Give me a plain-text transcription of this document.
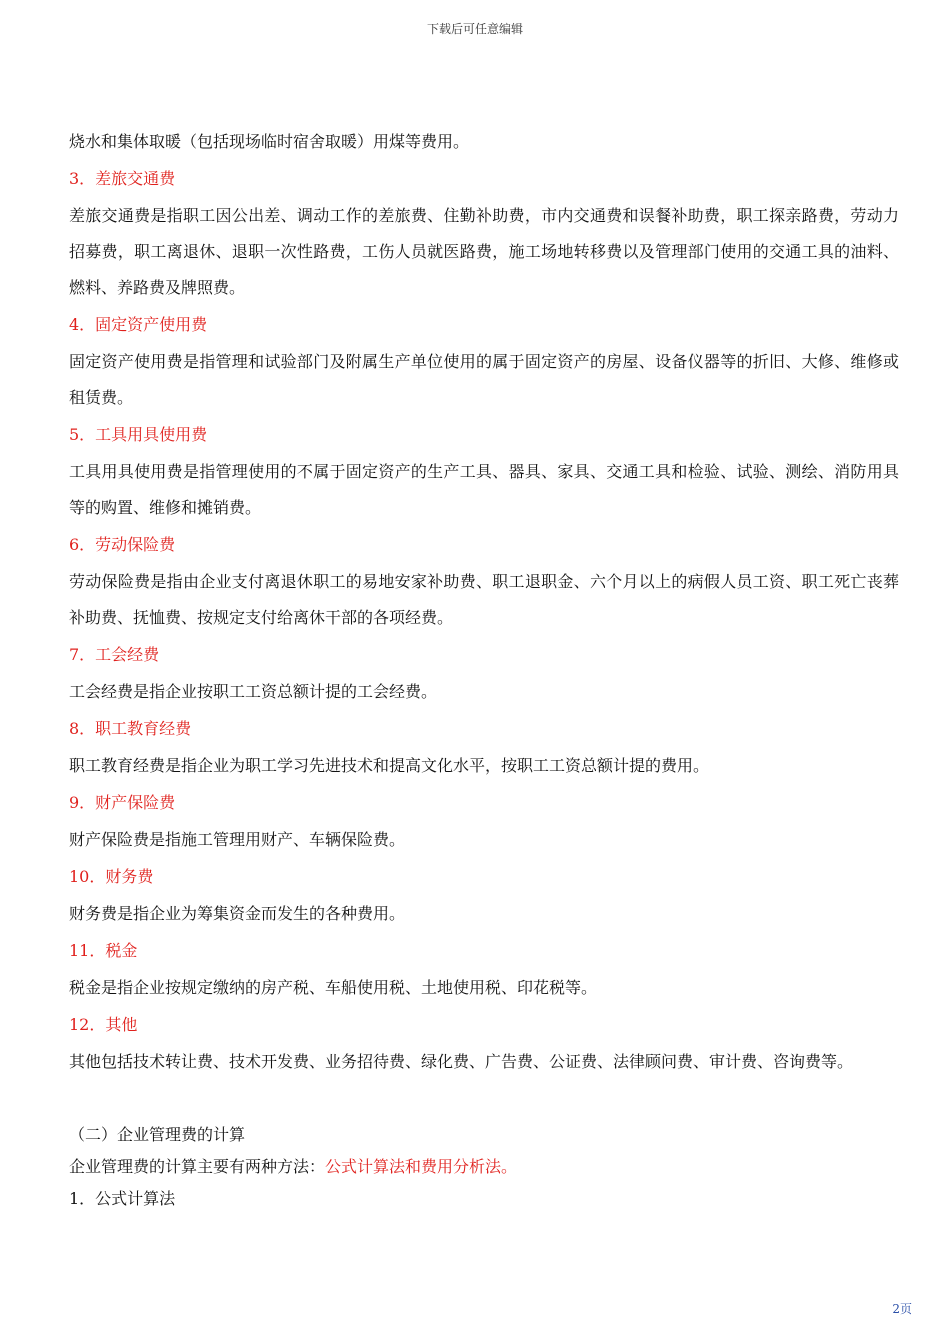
下载后可任意编辑

烧水和集体取暖（包括现场临时宿舍取暖）用煤等费用。

3．差旅交通费

差旅交通费是指职工因公出差、调动工作的差旅费、住勤补助费，市内交通费和误餐补助费，职工探亲路费，劳动力招募费，职工离退休、退职一次性路费，工伤人员就医路费，施工场地转移费以及管理部门使用的交通工具的油料、燃料、养路费及牌照费。

4．固定资产使用费

固定资产使用费是指管理和试验部门及附属生产单位使用的属于固定资产的房屋、设备仪器等的折旧、大修、维修或租赁费。

5．工具用具使用费

工具用具使用费是指管理使用的不属于固定资产的生产工具、器具、家具、交通工具和检验、试验、测绘、消防用具等的购置、维修和摊销费。

6．劳动保险费

劳动保险费是指由企业支付离退休职工的易地安家补助费、职工退职金、六个月以上的病假人员工资、职工死亡丧葬补助费、抚恤费、按规定支付给离休干部的各项经费。

7．工会经费

工会经费是指企业按职工工资总额计提的工会经费。

8．职工教育经费

职工教育经费是指企业为职工学习先进技术和提高文化水平，按职工工资总额计提的费用。

9．财产保险费

财产保险费是指施工管理用财产、车辆保险费。

10．财务费

财务费是指企业为筹集资金而发生的各种费用。

11．税金

税金是指企业按规定缴纳的房产税、车船使用税、土地使用税、印花税等。

12．其他

其他包括技术转让费、技术开发费、业务招待费、绿化费、广告费、公证费、法律顾问费、审计费、咨询费等。

（二）企业管理费的计算

企业管理费的计算主要有两种方法：公式计算法和费用分析法。

1．公式计算法

2页
